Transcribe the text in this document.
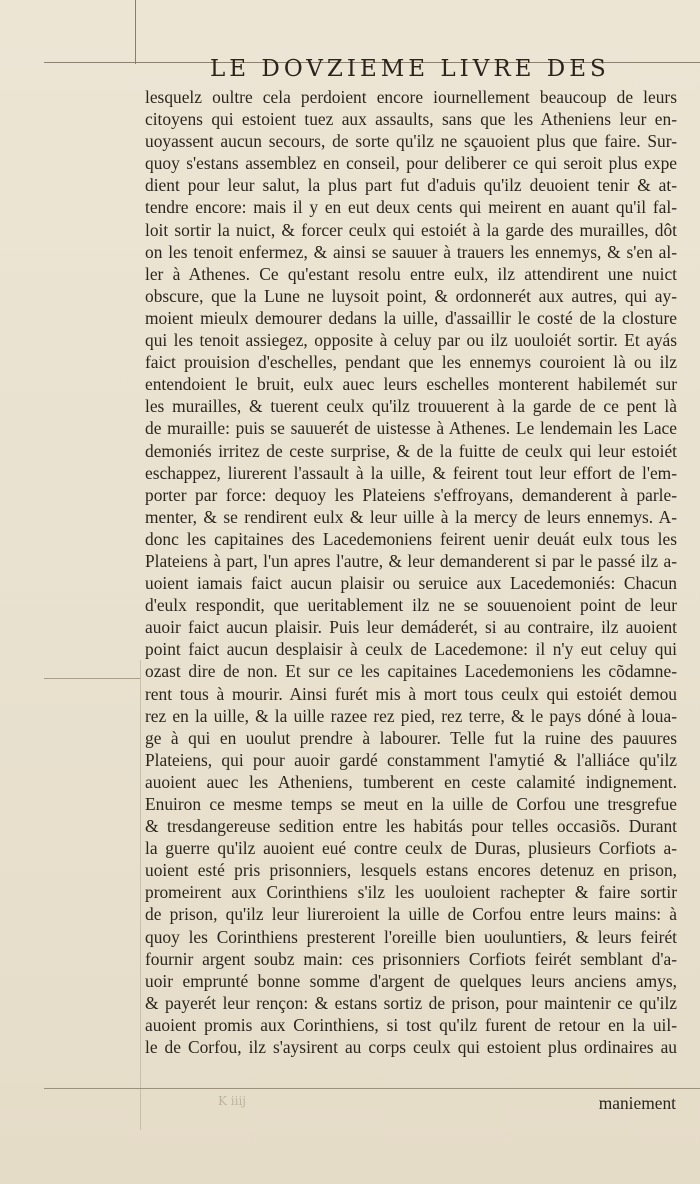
LE DOVZIEME LIVRE DES
lesquelz oultre cela perdoient encore iournellement beaucoup de leurs
citoyens qui estoient tuez aux assaults, sans que les Atheniens leur en-
uoyassent aucun secours, de sorte qu'ilz ne sçauoient plus que faire. Sur-
quoy s'estans assemblez en conseil, pour deliberer ce qui seroit plus expe
dient pour leur salut, la plus part fut d'aduis qu'ilz deuoient tenir & at-
tendre encore: mais il y en eut deux cents qui meirent en auant qu'il fal-
loit sortir la nuict, & forcer ceulx qui estoiét à la garde des murailles, dôt
on les tenoit enfermez, & ainsi se sauuer à trauers les ennemys, & s'en al-
ler à Athenes. Ce qu'estant resolu entre eulx, ilz attendirent une nuict
obscure, que la Lune ne luysoit point, & ordonnerét aux autres, qui ay-
moient mieulx demourer dedans la uille, d'assaillir le costé de la closture
qui les tenoit assiegez, opposite à celuy par ou ilz uouloiét sortir. Et ayás
faict prouision d'eschelles, pendant que les ennemys couroient là ou ilz
entendoient le bruit, eulx auec leurs eschelles monterent habilemét sur
les murailles, & tuerent ceulx qu'ilz trouuerent à la garde de ce pent là
de muraille: puis se sauuerét de uistesse à Athenes. Le lendemain les Lace
demoniés irritez de ceste surprise, & de la fuitte de ceulx qui leur estoiét
eschappez, liurerent l'assault à la uille, & feirent tout leur effort de l'em-
porter par force: dequoy les Plateiens s'effroyans, demanderent à parle-
menter, & se rendirent eulx & leur uille à la mercy de leurs ennemys. A-
donc les capitaines des Lacedemoniens feirent uenir deuát eulx tous les
Plateiens à part, l'un apres l'autre, & leur demanderent si par le passé ilz a-
uoient iamais faict aucun plaisir ou seruice aux Lacedemoniés: Chacun
d'eulx respondit, que ueritablement ilz ne se souuenoient point de leur
auoir faict aucun plaisir. Puis leur demáderét, si au contraire, ilz auoient
point faict aucun desplaisir à ceulx de Lacedemone: il n'y eut celuy qui
ozast dire de non. Et sur ce les capitaines Lacedemoniens les cõdamne-
rent tous à mourir. Ainsi furét mis à mort tous ceulx qui estoiét demou
rez en la uille, & la uille razee rez pied, rez terre, & le pays dóné à loua-
ge à qui en uoulut prendre à labourer. Telle fut la ruine des pauures
Plateiens, qui pour auoir gardé constamment l'amytié & l'alliáce qu'ilz
auoient auec les Atheniens, tumberent en ceste calamité indignement.
Enuiron ce mesme temps se meut en la uille de Corfou une tresgrefue
& tresdangereuse sedition entre les habitás pour telles occasiõs. Durant
la guerre qu'ilz auoient eué contre ceulx de Duras, plusieurs Corfiots a-
uoient esté pris prisonniers, lesquels estans encores detenuz en prison,
promeirent aux Corinthiens s'ilz les uouloient rachepter & faire sortir
de prison, qu'ilz leur liureroient la uille de Corfou entre leurs mains: à
quoy les Corinthiens presterent l'oreille bien uouluntiers, & leurs feirét
fournir argent soubz main: ces prisonniers Corfiots feirét semblant d'a-
uoir emprunté bonne somme d'argent de quelques leurs anciens amys,
& payerét leur rençon: & estans sortiz de prison, pour maintenir ce qu'ilz
auoient promis aux Corinthiens, si tost qu'ilz furent de retour en la uil-
le de Corfou, ilz s'aysirent au corps ceulx qui estoient plus ordinaires au
K iiij	maniement
